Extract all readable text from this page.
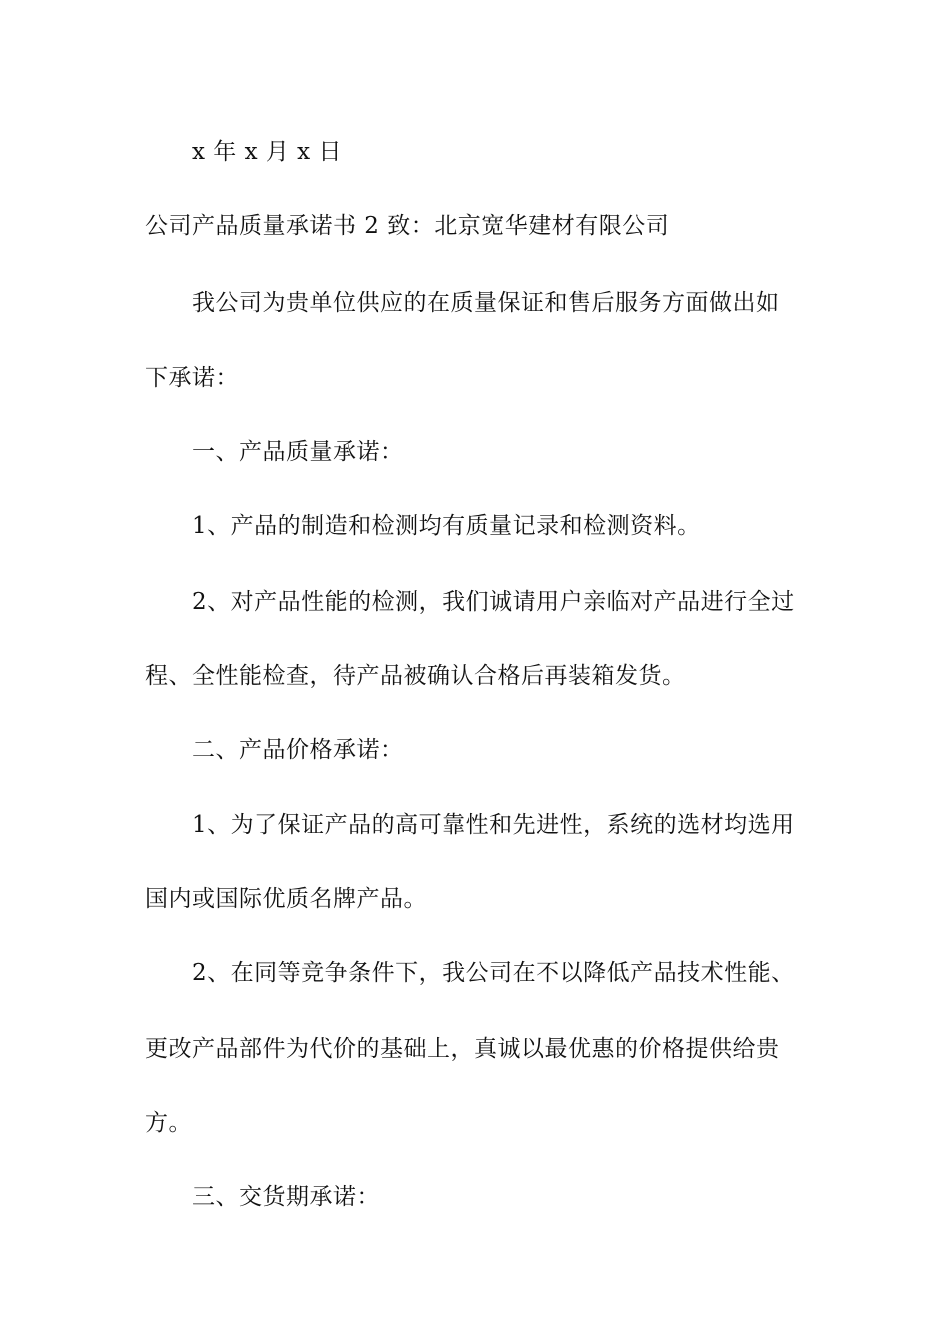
x 年 x 月 x 日
公司产品质量承诺书 2 致：北京宽华建材有限公司
我公司为贵单位供应的在质量保证和售后服务方面做出如
下承诺：
一、产品质量承诺：
1、产品的制造和检测均有质量记录和检测资料。
2、对产品性能的检测，我们诚请用户亲临对产品进行全过
程、全性能检查，待产品被确认合格后再装箱发货。
二、产品价格承诺：
1、为了保证产品的高可靠性和先进性，系统的选材均选用
国内或国际优质名牌产品。
2、在同等竞争条件下，我公司在不以降低产品技术性能、
更改产品部件为代价的基础上，真诚以最优惠的价格提供给贵
方。
三、交货期承诺：
